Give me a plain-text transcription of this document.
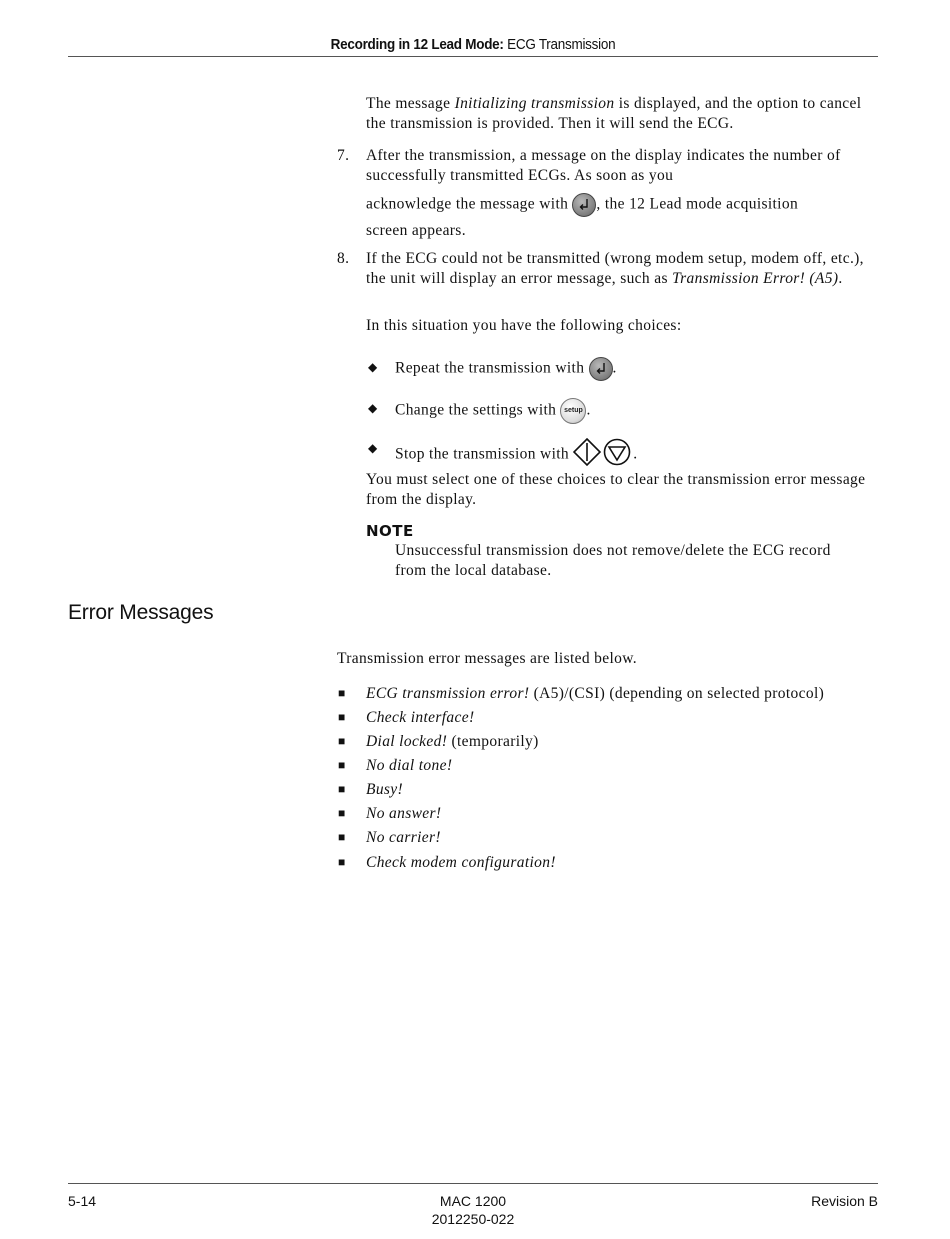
Recording in 12 Lead Mode: ECG Transmission
The message Initializing transmission is displayed, and the option to cancel the transmission is provided. Then it will send the ECG.
7. After the transmission, a message on the display indicates the number of successfully transmitted ECGs. As soon as you
acknowledge the message with
, the 12 Lead mode acquisition
screen appears.
8. If the ECG could not be transmitted (wrong modem setup, modem off, etc.), the unit will display an error message, such as Transmission Error! (A5).
In this situation you have the following choices:
◆ Repeat the transmission with
.
◆ Change the settings with setup .
◆ Stop the transmission with	.
You must select one of these choices to clear the transmission error message from the display.
NOTE
Unsuccessful transmission does not remove/delete the ECG record from the local database.
Error Messages
Transmission error messages are listed below.
■ ECG transmission error! (A5)/(CSI) (depending on selected protocol)
■ Check interface!
■ Dial locked! (temporarily)
■ No dial tone!
■ Busy!
■ No answer!
■ No carrier!
■ Check modem configuration!
5-14	MAC 1200
2012250-022
Revision B
